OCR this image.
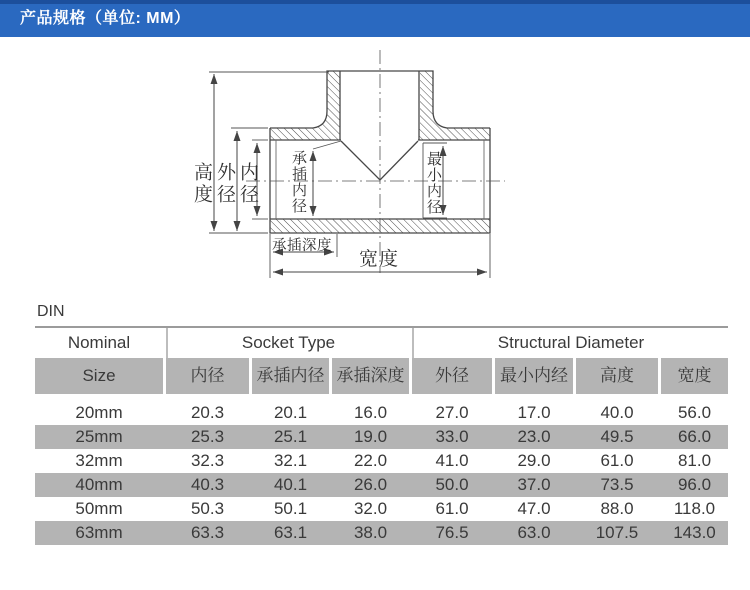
高度 外径 内径 承插内径	最小内径
承插深度
宽度
产品规格（单位: MM）
DIN
Nominal	Socket Type	Structural Diameter
Size	内径	承插内径 承插深度	外径	最小内经	高度	宽度
20mm	20.3	20.1	16.0	27.0	17.0	40.0	56.0
25mm	25.3	25.1	19.0	33.0	23.0	49.5	66.0
32mm	32.3	32.1	22.0	41.0	29.0	61.0	81.0
40mm	40.3	40.1	26.0	50.0	37.0	73.5	96.0
50mm	50.3	50.1	32.0	61.0	47.0	88.0	118.0
63mm	63.3	63.1	38.0	76.5	63.0	107.5	143.0
